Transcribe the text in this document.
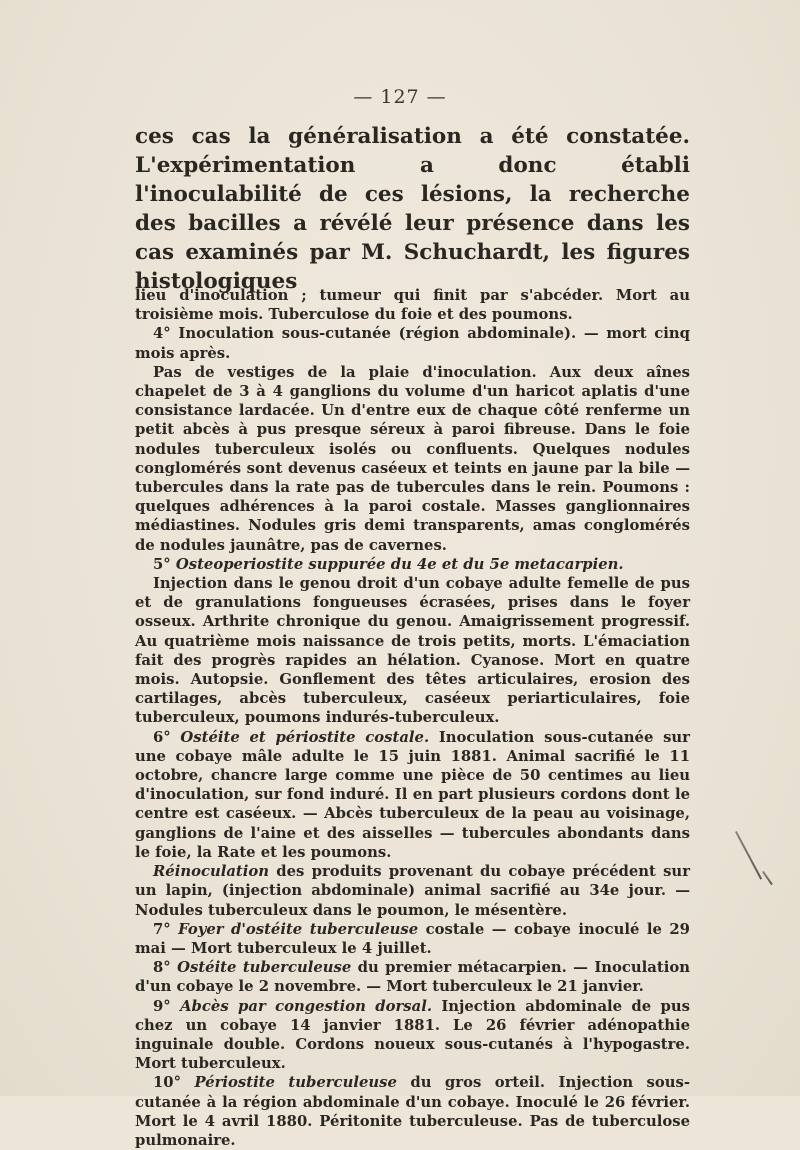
— 127 —

ces cas la généralisation a été constatée. L'expérimentation a donc établi l'inoculabilité de ces lésions, la recherche des bacilles a révélé leur présence dans les cas examinés par M. Schuchardt, les figures histologiques

lieu d'inoculation ; tumeur qui finit par s'abcéder. Mort au troisième mois. Tuberculose du foie et des poumons.

4° Inoculation sous-cutanée (région abdominale). — mort cinq mois après.

Pas de vestiges de la plaie d'inoculation. Aux deux aînes chapelet de 3 à 4 ganglions du volume d'un haricot aplatis d'une consistance lardacée. Un d'entre eux de chaque côté renferme un petit abcès à pus presque séreux à paroi fibreuse. Dans le foie nodules tuberculeux isolés ou confluents. Quelques nodules conglomérés sont devenus caséeux et teints en jaune par la bile — tubercules dans la rate pas de tubercules dans le rein. Poumons : quelques adhérences à la paroi costale. Masses ganglionnaires médiastines. Nodules gris demi transparents, amas conglomérés de nodules jaunâtre, pas de cavernes.

5° Osteoperiostite suppurée du 4e et du 5e metacarpien.

Injection dans le genou droit d'un cobaye adulte femelle de pus et de granulations fongueuses écrasées, prises dans le foyer osseux. Arthrite chronique du genou. Amaigrissement progressif. Au quatrième mois naissance de trois petits, morts. L'émaciation fait des progrès rapides an hélation. Cyanose. Mort en quatre mois. Autopsie. Gonflement des têtes articulaires, erosion des cartilages, abcès tuberculeux, caséeux periarticulaires, foie tuberculeux, poumons indurés-tuberculeux.

6° Ostéite et périostite costale. Inoculation sous-cutanée sur une cobaye mâle adulte le 15 juin 1881. Animal sacrifié le 11 octobre, chancre large comme une pièce de 50 centimes au lieu d'inoculation, sur fond induré. Il en part plusieurs cordons dont le centre est caséeux. — Abcès tuberculeux de la peau au voisinage, ganglions de l'aine et des aisselles — tubercules abondants dans le foie, la Rate et les poumons.

Réinoculation des produits provenant du cobaye précédent sur un lapin, (injection abdominale) animal sacrifié au 34e jour. — Nodules tuberculeux dans le poumon, le mésentère.

7° Foyer d'ostéite tuberculeuse costale — cobaye inoculé le 29 mai — Mort tuberculeux le 4 juillet.

8° Ostéite tuberculeuse du premier métacarpien. — Inoculation d'un cobaye le 2 novembre. — Mort tuberculeux le 21 janvier.

9° Abcès par congestion dorsal. Injection abdominale de pus chez un cobaye 14 janvier 1881. Le 26 février adénopathie inguinale double. Cordons noueux sous-cutanés à l'hypogastre. Mort tuberculeux.

10° Périostite tuberculeuse du gros orteil. Injection sous-cutanée à la région abdominale d'un cobaye. Inoculé le 26 février. Mort le 4 avril 1880. Péritonite tuberculeuse. Pas de tuberculose pulmonaire.
